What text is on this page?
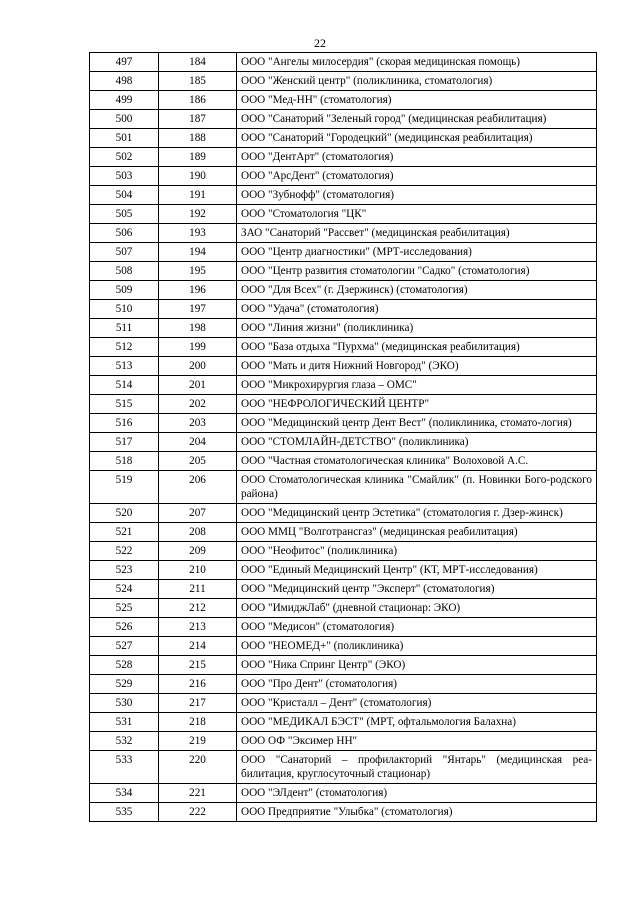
22
497	184	ООО "Ангелы милосердия" (скорая медицинская помощь)
498	185	ООО "Женский центр" (поликлиника, стоматология)
499	186	ООО "Мед-НН" (стоматология)
500	187	ООО "Санаторий "Зеленый город" (медицинская реабилитация)
501	188	ООО "Санаторий "Городецкий" (медицинская реабилитация)
502	189	ООО "ДентАрт" (стоматология)
503	190	ООО "АрсДент" (стоматология)
504	191	ООО "Зубнофф" (стоматология)
505	192	ООО "Стоматология "ЦК"
506	193	ЗАО "Санаторий "Рассвет" (медицинская реабилитация)
507	194	ООО "Центр диагностики" (МРТ-исследования)
508	195	ООО "Центр развития стоматологии "Садко" (стоматология)
509	196	ООО "Для Всех" (г. Дзержинск) (стоматология)
510	197	ООО "Удача" (стоматология)
511	198	ООО "Линия жизни" (поликлиника)
512	199	ООО "База отдыха "Пурхма" (медицинская реабилитация)
513	200	ООО "Мать и дитя Нижний Новгород" (ЭКО)
514	201	ООО "Микрохирургия глаза – ОМС"
515	202	ООО "НЕФРОЛОГИЧЕСКИЙ ЦЕНТР"
516	203	ООО "Медицинский центр Дент Вест" (поликлиника, стомато-логия)
517	204	ООО "СТОМЛАЙН-ДЕТСТВО" (поликлиника)
518	205	ООО "Частная стоматологическая клиника" Волоховой А.С.
519	206	ООО Стоматологическая клиника "Смайлик" (п. Новинки Бого-родского района)
520	207	ООО "Медицинский центр Эстетика" (стоматология г. Дзер-жинск)
521	208	ООО ММЦ "Волготрансгаз" (медицинская реабилитация)
522	209	ООО "Неофитос" (поликлиника)
523	210	ООО "Единый Медицинский Центр" (КТ, МРТ-исследования)
524	211	ООО "Медицинский центр "Эксперт" (стоматология)
525	212	ООО "ИмиджЛаб" (дневной стационар: ЭКО)
526	213	ООО "Медисон" (стоматология)
527	214	ООО "НЕОМЕД+" (поликлиника)
528	215	ООО "Ника Спринг Центр" (ЭКО)
529	216	ООО "Про Дент" (стоматология)
530	217	ООО "Кристалл – Дент" (стоматология)
531	218	ООО "МЕДИКАЛ БЭСТ" (МРТ, офтальмология Балахна)
532	219	ООО ОФ "Эксимер НН"
533	220	ООО "Санаторий – профилакторий "Янтарь" (медицинская реа-билитация, круглосуточный стационар)
534	221	ООО "ЭЛдент" (стоматология)
535	222	ООО Предприятие "Улыбка" (стоматология)
